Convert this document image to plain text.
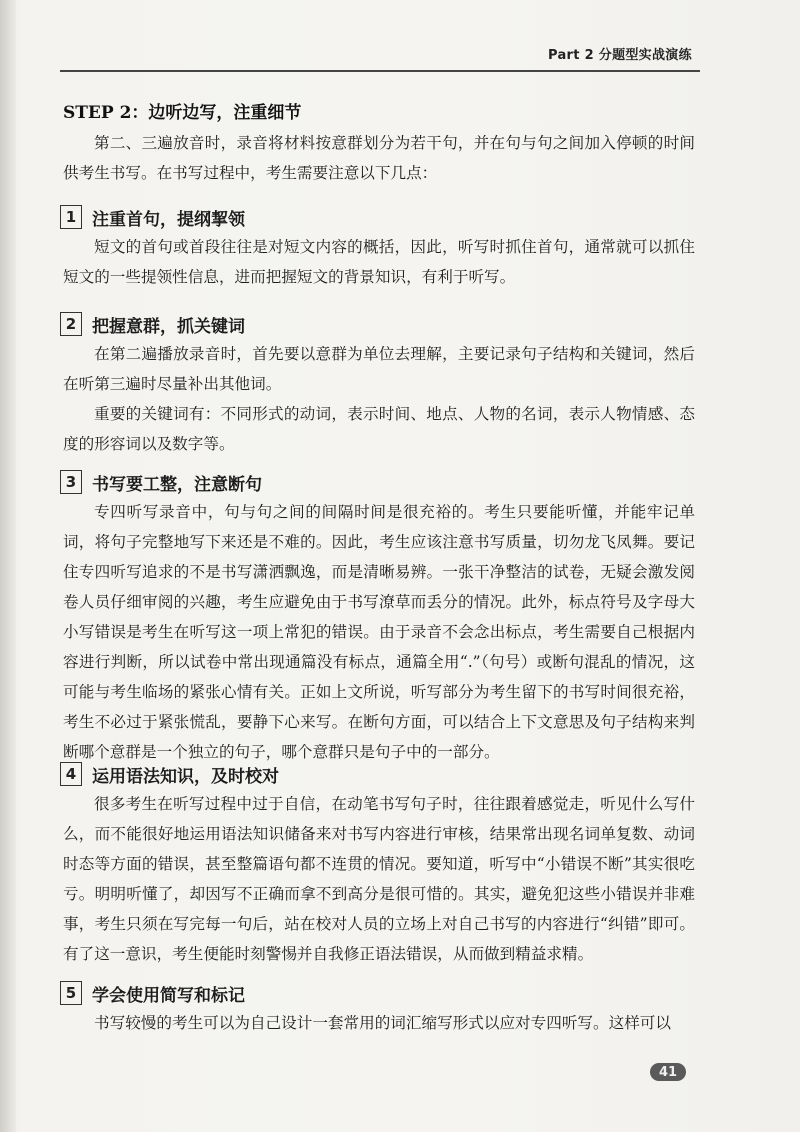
Part 2 分题型实战演练
STEP 2：边听边写，注重细节

第二、三遍放音时，录音将材料按意群划分为若干句，并在句与句之间加入停顿的时间供考生书写。在书写过程中，考生需要注意以下几点：

1 注重首句，提纲挈领

短文的首句或首段往往是对短文内容的概括，因此，听写时抓住首句，通常就可以抓住短文的一些提领性信息，进而把握短文的背景知识，有利于听写。

2 把握意群，抓关键词

在第二遍播放录音时，首先要以意群为单位去理解，主要记录句子结构和关键词，然后在听第三遍时尽量补出其他词。

重要的关键词有：不同形式的动词，表示时间、地点、人物的名词，表示人物情感、态度的形容词以及数字等。

3 书写要工整，注意断句

专四听写录音中，句与句之间的间隔时间是很充裕的。考生只要能听懂，并能牢记单词，将句子完整地写下来还是不难的。因此，考生应该注意书写质量，切勿龙飞凤舞。要记住专四听写追求的不是书写潇洒飘逸，而是清晰易辨。一张干净整洁的试卷，无疑会激发阅卷人员仔细审阅的兴趣，考生应避免由于书写潦草而丢分的情况。此外，标点符号及字母大小写错误是考生在听写这一项上常犯的错误。由于录音不会念出标点，考生需要自己根据内容进行判断，所以试卷中常出现通篇没有标点，通篇全用“.”（句号）或断句混乱的情况，这可能与考生临场的紧张心情有关。正如上文所说，听写部分为考生留下的书写时间很充裕，考生不必过于紧张慌乱，要静下心来写。在断句方面，可以结合上下文意思及句子结构来判断哪个意群是一个独立的句子，哪个意群只是句子中的一部分。

4 运用语法知识，及时校对

很多考生在听写过程中过于自信，在动笔书写句子时，往往跟着感觉走，听见什么写什么，而不能很好地运用语法知识储备来对书写内容进行审核，结果常出现名词单复数、动词时态等方面的错误，甚至整篇语句都不连贯的情况。要知道，听写中“小错误不断”其实很吃亏。明明听懂了，却因写不正确而拿不到高分是很可惜的。其实，避免犯这些小错误并非难事，考生只须在写完每一句后，站在校对人员的立场上对自己书写的内容进行“纠错”即可。有了这一意识，考生便能时刻警惕并自我修正语法错误，从而做到精益求精。

5 学会使用简写和标记

书写较慢的考生可以为自己设计一套常用的词汇缩写形式以应对专四听写。这样可以

41
